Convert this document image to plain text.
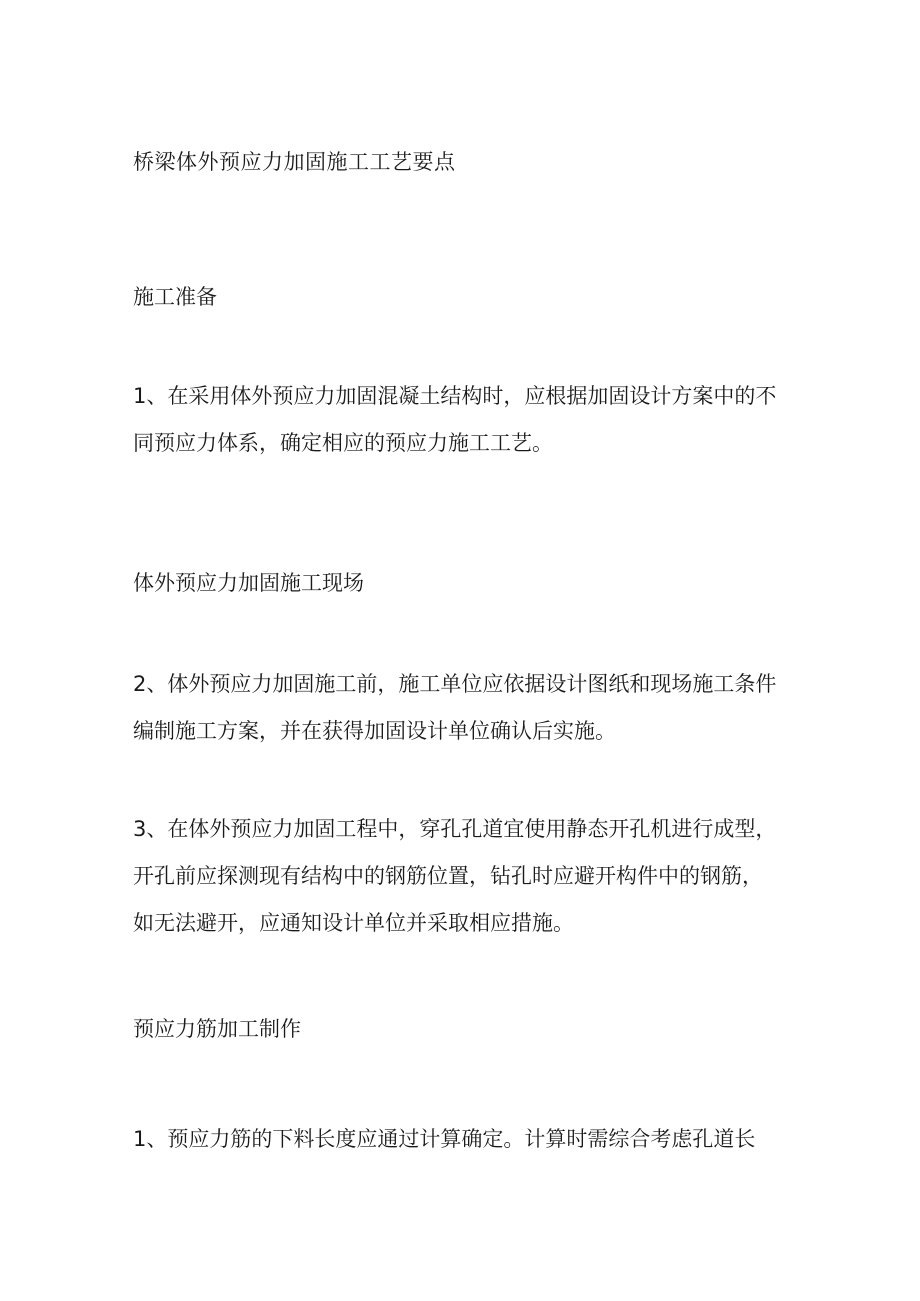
桥梁体外预应力加固施工工艺要点
施工准备

1、在采用体外预应力加固混凝土结构时，应根据加固设计方案中的不
同预应力体系，确定相应的预应力施工工艺。

体外预应力加固施工现场

2、体外预应力加固施工前，施工单位应依据设计图纸和现场施工条件
编制施工方案，并在获得加固设计单位确认后实施。

3、在体外预应力加固工程中，穿孔孔道宜使用静态开孔机进行成型，
开孔前应探测现有结构中的钢筋位置，钻孔时应避开构件中的钢筋，
如无法避开，应通知设计单位并采取相应措施。

预应力筋加工制作

1、预应力筋的下料长度应通过计算确定。计算时需综合考虑孔道长
